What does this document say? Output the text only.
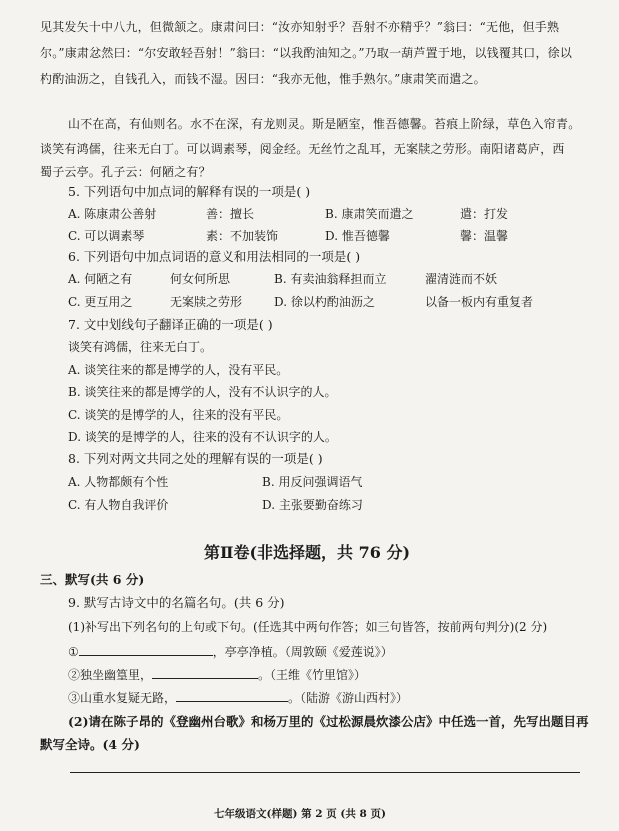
见其发矢十中八九，但微颔之。康肃问曰：“汝亦知射乎？吾射不亦精乎？”翁曰：“无他，但手熟
尔。”康肃忿然曰：“尔安敢轻吾射！”翁曰：“以我酌油知之。”乃取一葫芦置于地，以钱覆其口，徐以
杓酌油沥之，自钱孔入，而钱不湿。因曰：“我亦无他，惟手熟尔。”康肃笑而遣之。
山不在高，有仙则名。水不在深，有龙则灵。斯是陋室，惟吾德馨。苔痕上阶绿，草色入帘青。
谈笑有鸿儒，往来无白丁。可以调素琴，阅金经。无丝竹之乱耳，无案牍之劳形。南阳诸葛庐，西
蜀子云亭。孔子云：何陋之有？
5. 下列语句中加点词的解释有误的一项是( )
A. 陈康肃公善射	善：擅长	B. 康肃笑而遣之	遣：打发
C. 可以调素琴	素：不加装饰	D. 惟吾德馨	馨：温馨
6. 下列语句中加点词语的意义和用法相同的一项是( )
A. 何陋之有	何女何所思	B. 有卖油翁释担而立	濯清涟而不妖
C. 更互用之	无案牍之劳形	D. 徐以杓酌油沥之	以备一板内有重复者
7. 文中划线句子翻译正确的一项是( )
谈笑有鸿儒，往来无白丁。
A. 谈笑往来的都是博学的人，没有平民。
B. 谈笑往来的都是博学的人，没有不认识字的人。
C. 谈笑的是博学的人，往来的没有平民。
D. 谈笑的是博学的人，往来的没有不认识字的人。
8. 下列对两文共同之处的理解有误的一项是( )
A. 人物都颇有个性	B. 用反问强调语气
C. 有人物自我评价	D. 主张要勤奋练习
第Ⅱ卷(非选择题，共 76 分)
三、默写(共 6 分)
9. 默写古诗文中的名篇名句。(共 6 分)
(1)补写出下列名句的上句或下句。(任选其中两句作答；如三句皆答，按前两句判分)(2 分)
①	，亭亭净植。（周敦颐《爱莲说》）
②独坐幽篁里，	。（王维《竹里馆》）
③山重水复疑无路，	。（陆游《游山西村》）
(2)请在陈子昂的《登幽州台歌》和杨万里的《过松源晨炊漆公店》中任选一首，先写出题目再
默写全诗。(4 分)
七年级语文(样题) 第 2 页 (共 8 页)
